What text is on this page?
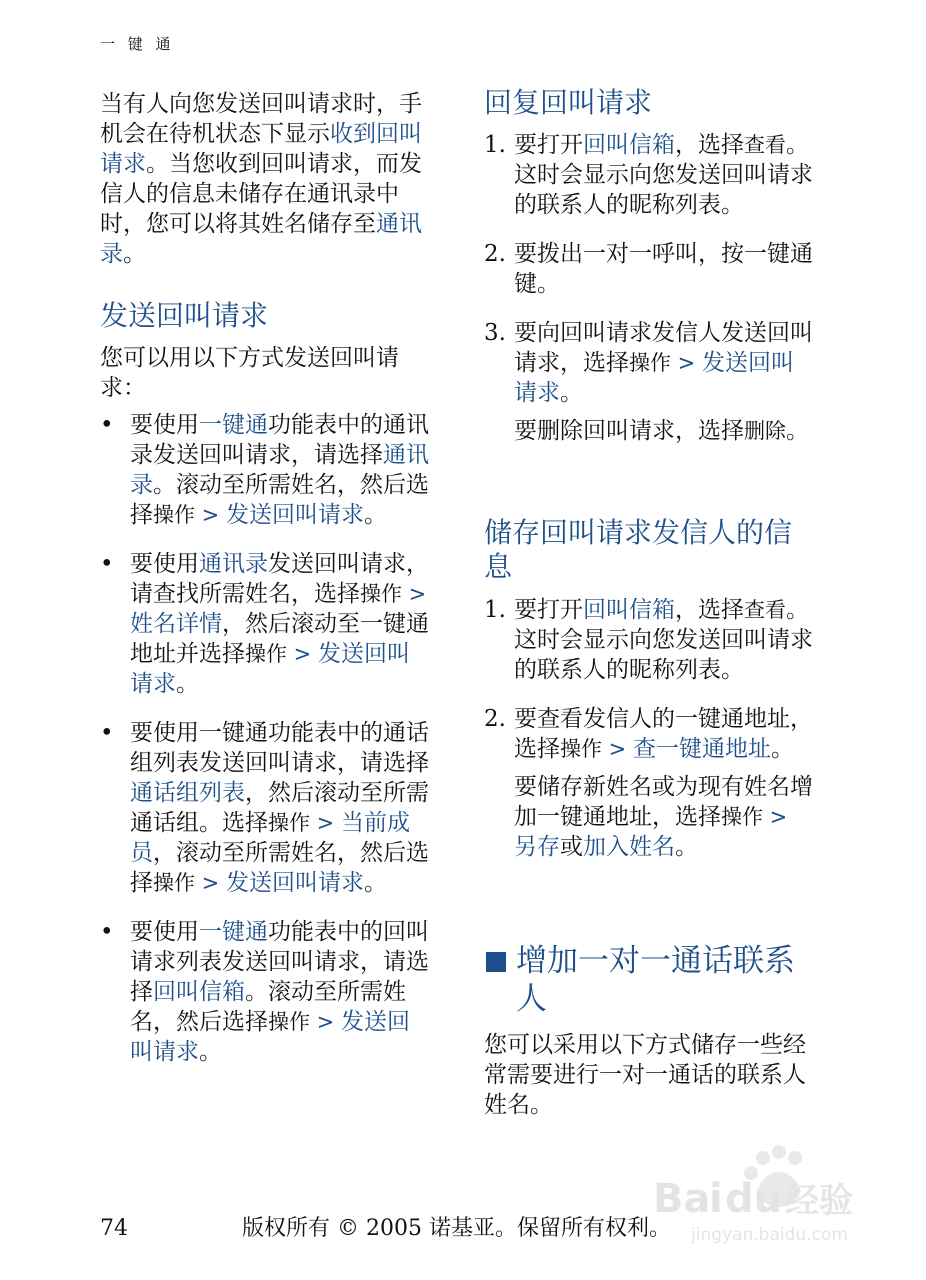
一 键 通

当有人向您发送回叫请求时，手机会在待机状态下显示收到回叫请求。当您收到回叫请求，而发信人的信息未储存在通讯录中时，您可以将其姓名储存至通讯录。

发送回叫请求

您可以用以下方式发送回叫请求：

• 要使用一键通功能表中的通讯录发送回叫请求，请选择通讯录。滚动至所需姓名，然后选择操作 > 发送回叫请求。
• 要使用通讯录发送回叫请求，请查找所需姓名，选择操作 > 姓名详情，然后滚动至一键通地址并选择操作 > 发送回叫请求。
• 要使用一键通功能表中的通话组列表发送回叫请求，请选择通话组列表，然后滚动至所需通话组。选择操作 > 当前成员，滚动至所需姓名，然后选择操作 > 发送回叫请求。
• 要使用一键通功能表中的回叫请求列表发送回叫请求，请选择回叫信箱。滚动至所需姓名，然后选择操作 > 发送回叫请求。
回复回叫请求
1. 要打开回叫信箱，选择查看。这时会显示向您发送回叫请求的联系人的昵称列表。
2. 要拨出一对一呼叫，按一键通键。
3. 要向回叫请求发信人发送回叫请求，选择操作 > 发送回叫请求。
要删除回叫请求，选择删除。
储存回叫请求发信人的信息
1. 要打开回叫信箱，选择查看。这时会显示向您发送回叫请求的联系人的昵称列表。
2. 要查看发信人的一键通地址，选择操作 > 查一键通地址。
要储存新姓名或为现有姓名增加一键通地址，选择操作 > 另存或加入姓名。
增加一对一通话联系人

您可以采用以下方式储存一些经常需要进行一对一通话的联系人姓名。

74	版权所有 © 2005 诺基亚。保留所有权利。
Ba
i du 经验
jingyan.baidu.com
